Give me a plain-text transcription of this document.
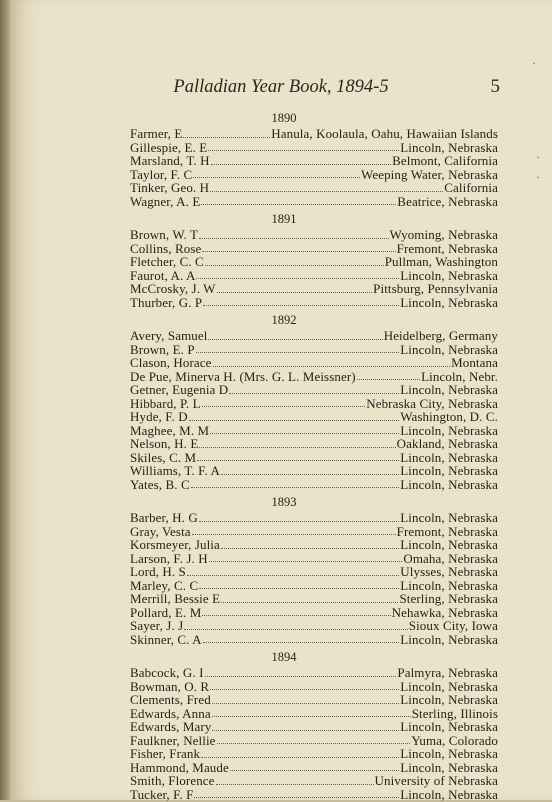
Palladian Year Book, 1894-5	5
1890
Farmer, E	Hanula, Koolaula, Oahu, Hawaiian Islands
Gillespie, E. E	Lincoln, Nebraska
Marsland, T. H	Belmont, California
Taylor, F. C	Weeping Water, Nebraska
Tinker, Geo. H	California
Wagner, A. E	Beatrice, Nebraska
1891
Brown, W. T	Wyoming, Nebraska
Collins, Rose	Fremont, Nebraska
Fletcher, C. C	Pullman, Washington
Faurot, A. A	Lincoln, Nebraska
McCrosky, J. W	Pittsburg, Pennsylvania
Thurber, G. P	Lincoln, Nebraska
1892
Avery, Samuel	Heidelberg, Germany
Brown, E. P	Lincoln, Nebraska
Clason, Horace	Montana
De Pue, Minerva H. (Mrs. G. L. Meissner)	Lincoln, Nebr.
Getner, Eugenia D	Lincoln, Nebraska
Hibbard, P. L	Nebraska City, Nebraska
Hyde, F. D	Washington, D. C.
Maghee, M. M	Lincoln, Nebraska
Nelson, H. E	Oakland, Nebraska
Skiles, C. M	Lincoln, Nebraska
Williams, T. F. A	Lincoln, Nebraska
Yates, B. C	Lincoln, Nebraska
1893
Barber, H. G	Lincoln, Nebraska
Gray, Vesta	Fremont, Nebraska
Korsmeyer, Julia	Lincoln, Nebraska
Larson, F. J. H	Omaha, Nebraska
Lord, H. S	Ulysses, Nebraska
Marley, C. C	Lincoln, Nebraska
Merrill, Bessie E	Sterling, Nebraska
Pollard, E. M	Nehawka, Nebraska
Sayer, J. J	Sioux City, Iowa
Skinner, C. A	Lincoln, Nebraska
1894
Babcock, G. I	Palmyra, Nebraska
Bowman, O. R	Lincoln, Nebraska
Clements, Fred	Lincoln, Nebraska
Edwards, Anna	Sterling, Illinois
Edwards, Mary	Lincoln, Nebraska
Faulkner, Nellie	Yuma, Colorado
Fisher, Frank	Lincoln, Nebraska
Hammond, Maude	Lincoln, Nebraska
Smith, Florence	University of Nebraska
Tucker, F. F	Lincoln, Nebraska
·
·
·
